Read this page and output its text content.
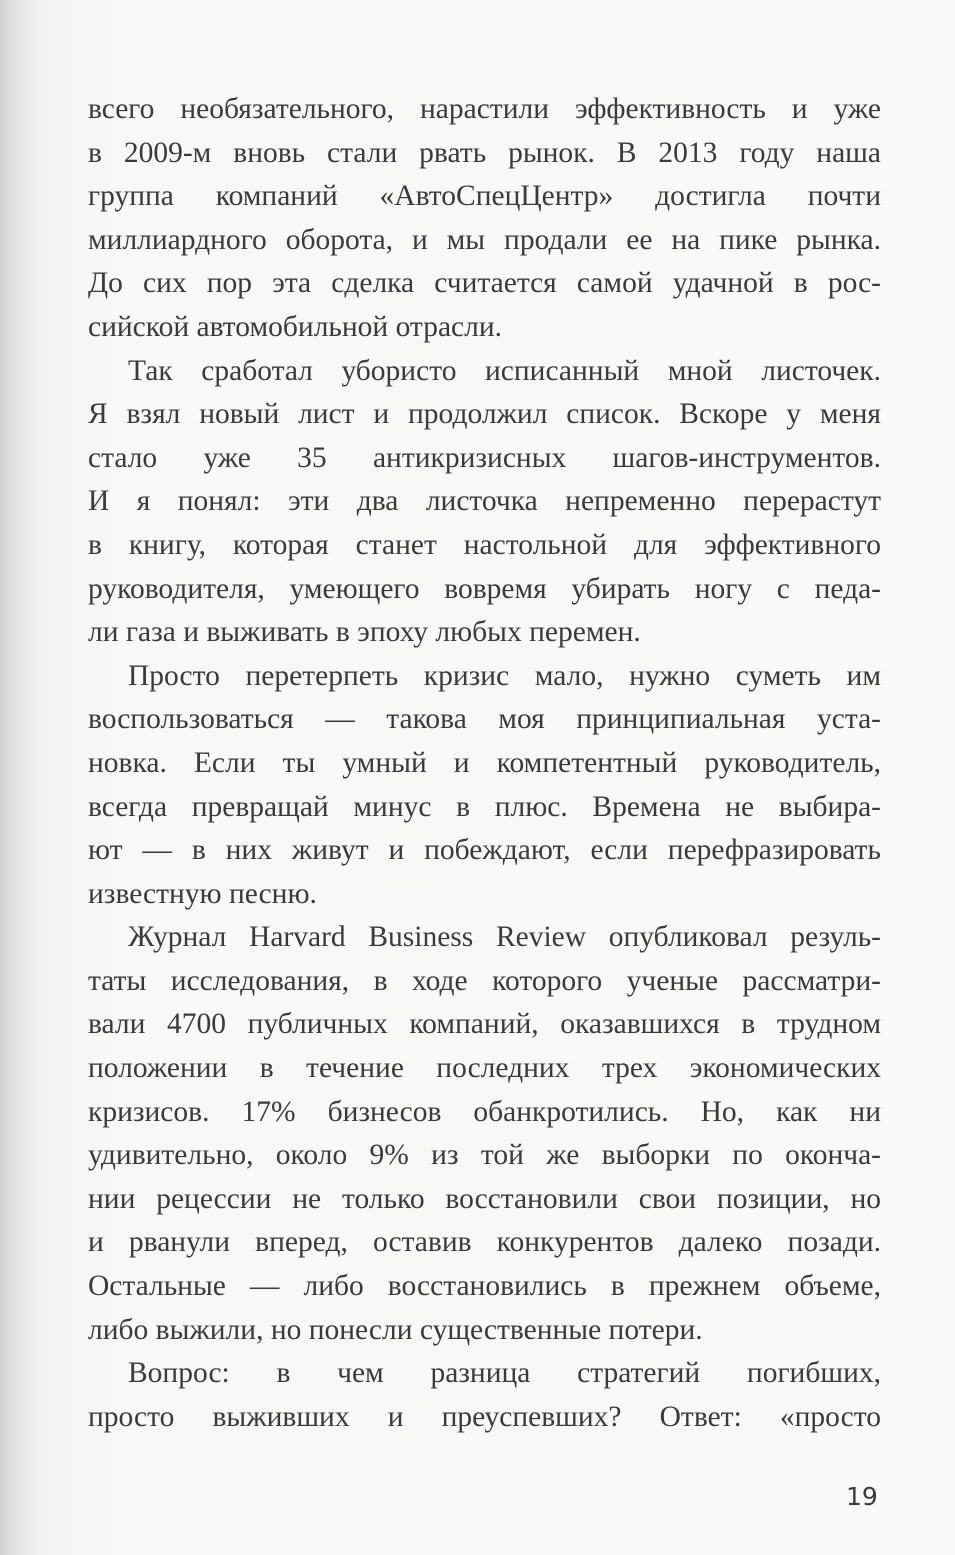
всего необязательного, нарастили эффективность и уже
в 2009-м вновь стали рвать рынок. В 2013 году наша
группа компаний «АвтоСпецЦентр» достигла почти
миллиардного оборота, и мы продали ее на пике рынка.
До сих пор эта сделка считается самой удачной в рос-
сийской автомобильной отрасли.
Так сработал убористо исписанный мной листочек.
Я взял новый лист и продолжил список. Вскоре у меня
стало уже 35 антикризисных шагов-инструментов.
И я понял: эти два листочка непременно перерастут
в книгу, которая станет настольной для эффективного
руководителя, умеющего вовремя убирать ногу с педа-
ли газа и выживать в эпоху любых перемен.
Просто перетерпеть кризис мало, нужно суметь им
воспользоваться — такова моя принципиальная уста-
новка. Если ты умный и компетентный руководитель,
всегда превращай минус в плюс. Времена не выбира-
ют — в них живут и побеждают, если перефразировать
известную песню.
Журнал Harvard Business Review опубликовал резуль-
таты исследования, в ходе которого ученые рассматри-
вали 4700 публичных компаний, оказавшихся в трудном
положении в течение последних трех экономических
кризисов. 17% бизнесов обанкротились. Но, как ни
удивительно, около 9% из той же выборки по оконча-
нии рецессии не только восстановили свои позиции, но
и рванули вперед, оставив конкурентов далеко позади.
Остальные — либо восстановились в прежнем объеме,
либо выжили, но понесли существенные потери.
Вопрос: в чем разница стратегий погибших,
просто выживших и преуспевших? Ответ: «просто
19
